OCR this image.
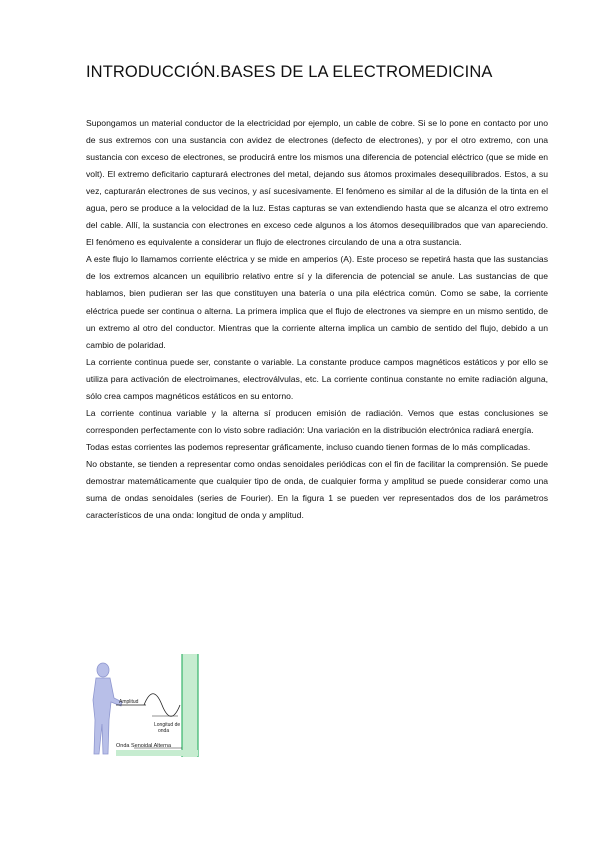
INTRODUCCIÓN.BASES DE LA ELECTROMEDICINA

Supongamos un material conductor de la electricidad por ejemplo, un cable de cobre. Si se lo pone en contacto por uno de sus extremos con una sustancia con avidez de electrones (defecto de electrones), y por el otro extremo, con una sustancia con exceso de electrones, se producirá entre los mismos una diferencia de potencial eléctrico (que se mide en volt). El extremo deficitario capturará electrones del metal, dejando sus átomos proximales desequilibrados. Estos, a su vez, capturarán electrones de sus vecinos, y así sucesivamente. El fenómeno es similar al de la difusión de la tinta en el agua, pero se produce a la velocidad de la luz. Estas capturas se van extendiendo hasta que se alcanza el otro extremo del cable. Allí, la sustancia con electrones en exceso cede algunos a los átomos desequilibrados que van apareciendo. El fenómeno es equivalente a considerar un flujo de electrones circulando de una a otra sustancia.

A este flujo lo llamamos corriente eléctrica y se mide en amperios (A). Este proceso se repetirá hasta que las sustancias de los extremos alcancen un equilibrio relativo entre sí y la diferencia de potencial se anule. Las sustancias de que hablamos, bien pudieran ser las que constituyen una batería o una pila eléctrica común. Como se sabe, la corriente eléctrica puede ser continua o alterna. La primera implica que el flujo de electrones va siempre en un mismo sentido, de un extremo al otro del conductor. Mientras que la corriente alterna implica un cambio de sentido del flujo, debido a un cambio de polaridad.

La corriente continua puede ser, constante o variable. La constante produce campos magnéticos estáticos y por ello se utiliza para activación de electroimanes, electroválvulas, etc. La corriente continua constante no emite radiación alguna, sólo crea campos magnéticos estáticos en su entorno.

La corriente continua variable y la alterna sí producen emisión de radiación. Vemos que estas conclusiones se corresponden perfectamente con lo visto sobre radiación: Una variación en la distribución electrónica radiará energía.

Todas estas corrientes las podemos representar gráficamente, incluso cuando tienen formas de lo más complicadas.

No obstante, se tienden a representar como ondas senoidales periódicas con el fin de facilitar la comprensión. Se puede demostrar matemáticamente que cualquier tipo de onda, de cualquier forma y amplitud se puede considerar como una suma de ondas senoidales (series de Fourier). En la figura 1 se pueden ver representados dos de los parámetros característicos de una onda: longitud de onda y amplitud.

Amplitud
Longitud de
onda
Onda Senoidal Alterna
